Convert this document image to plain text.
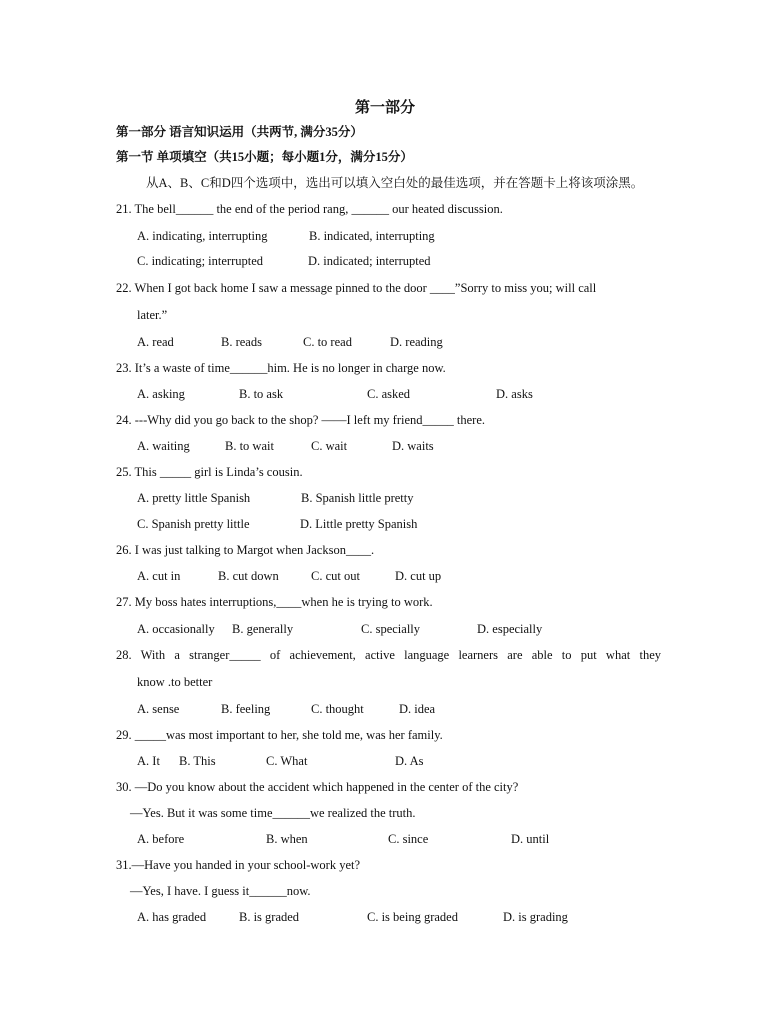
第一部分
第一部分 语言知识运用（共两节, 满分35分）
第一节 单项填空（共15小题；每小题1分，满分15分）
从A、B、C和D四个选项中，选出可以填入空白处的最佳选项，并在答题卡上将该项涂黑。
21. The bell______ the end of the period rang, ______ our heated discussion.
A. indicating, interrupting	B. indicated, interrupting
C. indicating; interrupted	D. indicated; interrupted
22. When I got back home I saw a message pinned to the door ____”Sorry to miss you; will call
later.”
A. read	B. reads	C. to read	D. reading
23. It’s a waste of time______him. He is no longer in charge now.
A. asking	B. to ask	C. asked	D. asks
24. ---Why did you go back to the shop? ——I left my friend_____ there.
A. waiting	B. to wait	C. wait	D. waits
25. This _____ girl is Linda’s cousin.
A. pretty little Spanish	B. Spanish little pretty
C. Spanish pretty little	D. Little pretty Spanish
26. I was just talking to Margot when Jackson____.
A. cut in	B. cut down	C. cut out	D. cut up
27. My boss hates interruptions,____when he is trying to work.
A. occasionally B. generally	C. specially	D. especially
28. With a stranger_____ of achievement, active language learners are able to put what they
know .to better
A. sense	B. feeling	C. thought	D. idea
29. _____was most important to her, she told me, was her family.
A. It B. This	C. What	D. As
30. —Do you know about the accident which happened in the center of the city?
—Yes. But it was some time______we realized the truth.
A. before	B. when	C. since	D. until
31.—Have you handed in your school-work yet?
—Yes, I have. I guess it______now.
A. has graded	B. is graded	C. is being graded	D. is grading
